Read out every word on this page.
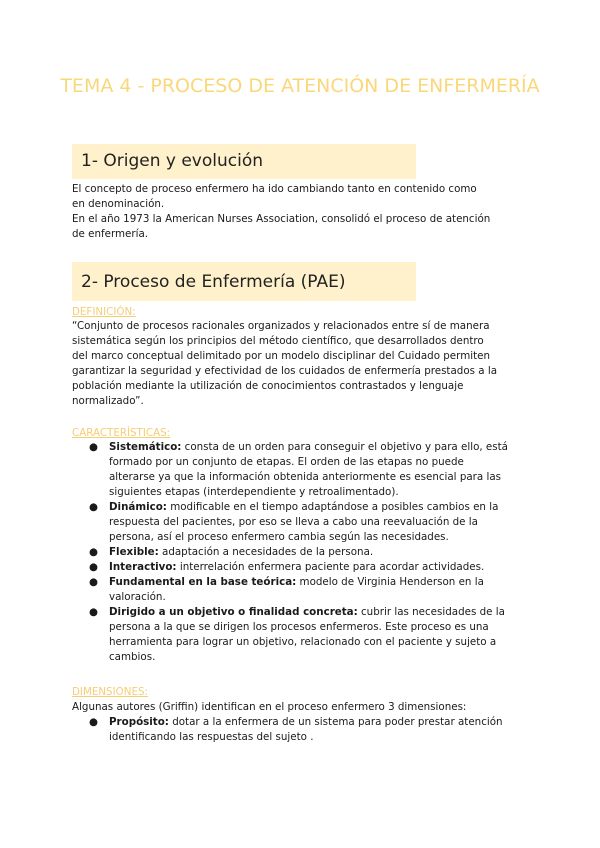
TEMA 4 - PROCESO DE ATENCIÓN DE ENFERMERÍA
1- Origen y evolución
El concepto de proceso enfermero ha ido cambiando tanto en contenido como
en denominación.
En el año 1973 la American Nurses Association, consolidó el proceso de atención
de enfermería.
2- Proceso de Enfermería (PAE)
DEFINICIÓN:
“Conjunto de procesos racionales organizados y relacionados entre sí de manera
sistemática según los principios del método científico, que desarrollados dentro
del marco conceptual delimitado por un modelo disciplinar del Cuidado permiten
garantizar la seguridad y efectividad de los cuidados de enfermería prestados a la
población mediante la utilización de conocimientos contrastados y lenguaje
normalizado”.
CARACTERÍSTICAS:
● Sistemático: consta de un orden para conseguir el objetivo y para ello, está
formado por un conjunto de etapas. El orden de las etapas no puede
alterarse ya que la información obtenida anteriormente es esencial para las
siguientes etapas (interdependiente y retroalimentado).
● Dinámico: modificable en el tiempo adaptándose a posibles cambios en la
respuesta del pacientes, por eso se lleva a cabo una reevaluación de la
persona, así el proceso enfermero cambia según las necesidades.
● Flexible: adaptación a necesidades de la persona.
● Interactivo: interrelación enfermera paciente para acordar actividades.
● Fundamental en la base teórica: modelo de Virginia Henderson en la
valoración.
● Dirigido a un objetivo o finalidad concreta: cubrir las necesidades de la
persona a la que se dirigen los procesos enfermeros. Este proceso es una
herramienta para lograr un objetivo, relacionado con el paciente y sujeto a
cambios.
DIMENSIONES:
Algunas autores (Griffin) identifican en el proceso enfermero 3 dimensiones:
● Propósito: dotar a la enfermera de un sistema para poder prestar atención
identificando las respuestas del sujeto .
